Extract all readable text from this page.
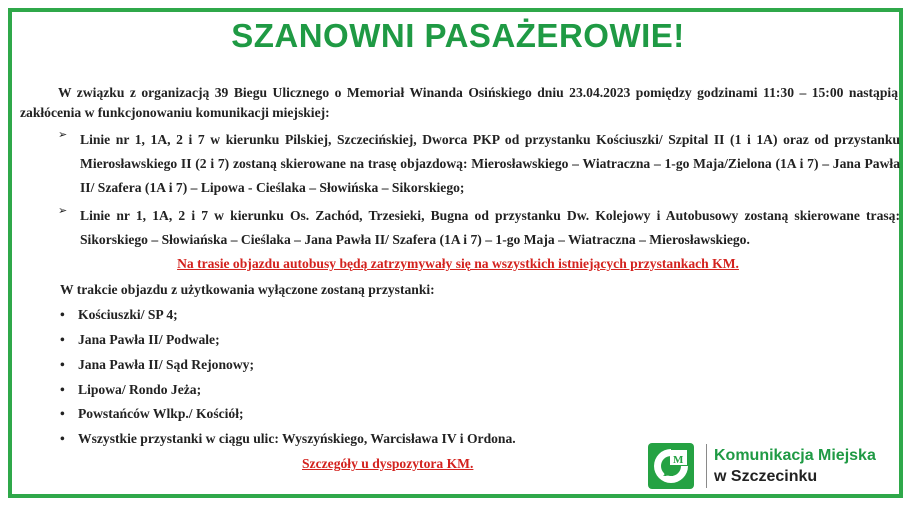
SZANOWNI PASAŻEROWIE!
W związku z organizacją 39 Biegu Ulicznego o Memoriał Winanda Osińskiego dniu 23.04.2023 pomiędzy godzinami 11:30 – 15:00 nastąpią zakłócenia w funkcjonowaniu komunikacji miejskiej:
➢ Linie nr 1, 1A, 2 i 7 w kierunku Pilskiej, Szczecińskiej, Dworca PKP od przystanku Kościuszki/ Szpital II (1 i 1A) oraz od przystanku Mierosławskiego II (2 i 7) zostaną skierowane na trasę objazdową: Mierosławskiego – Wiatraczna – 1-go Maja/Zielona (1A i 7) – Jana Pawła II/ Szafera (1A i 7) – Lipowa - Cieślaka – Słowińska – Sikorskiego;
➢ Linie nr 1, 1A, 2 i 7 w kierunku Os. Zachód, Trzesieki, Bugna od przystanku Dw. Kolejowy i Autobusowy zostaną skierowane trasą: Sikorskiego – Słowiańska – Cieślaka – Jana Pawła II/ Szafera (1A i 7) – 1-go Maja – Wiatraczna – Mierosławskiego.
Na trasie objazdu autobusy będą zatrzymywały się na wszystkich istniejących przystankach KM.
W trakcie objazdu z użytkowania wyłączone zostaną przystanki:
• Kościuszki/ SP 4;
• Jana Pawła II/ Podwale;
• Jana Pawła II/ Sąd Rejonowy;
• Lipowa/ Rondo Jeża;
• Powstańców Wlkp./ Kościół;
• Wszystkie przystanki w ciągu ulic: Wyszyńskiego, Warcisława IV i Ordona.
Szczegóły u dyspozytora KM.
K
M Komunikacja Miejska
w Szczecinku
